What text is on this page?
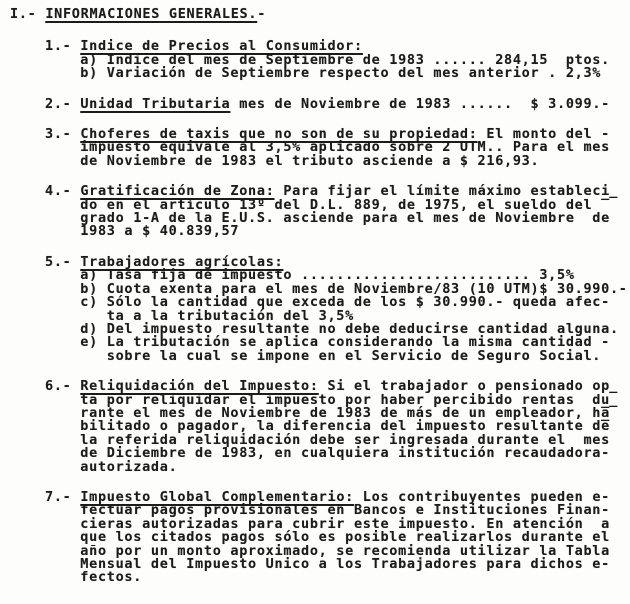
I.- INFORMACIONES GENERALES.-
1.- Indice de Precios al Consumidor:
a) Indice del mes de Septiembre de 1983 ...... 284,15  ptos.
b) Variación de Septiembre respecto del mes anterior . 2,3%
2.- Unidad Tributaria mes de Noviembre de 1983 ......  $ 3.099.-
3.- Choferes de taxis que no son de su propiedad: El monto del -
impuesto equivale al 3,5% aplicado sobre 2 UTM.. Para el mes
de Noviembre de 1983 el tributo asciende a $ 216,93.
4.- Gratificación de Zona: Para fijar el límite máximo estableci̲
do en el artículo 13º del D.L. 889, de 1975, el sueldo del ‾
grado 1-A de la E.U.S. asciende para el mes de Noviembre  de
1983 a $ 40.839,57
5.- Trabajadores agrícolas:
a) Tasa fija de impuesto .......................... 3,5%
b) Cuota exenta para el mes de Noviembre/83 (10 UTM)$ 30.990.-
c) Sólo la cantidad que exceda de los $ 30.990.- queda afec-
ta a la tributación del 3,5%
d) Del impuesto resultante no debe deducirse cantidad alguna.
e) La tributación se aplica considerando la misma cantidad -
sobre la cual se impone en el Servicio de Seguro Social.
6.- Reliquidación del Impuesto: Si el trabajador o pensionado op̲
ta por reliquidar el impuesto por haber percibido rentas  du̲
rante el mes de Noviembre de 1983 de más de un empleador, ha̅
bilitado o pagador, la diferencia del impuesto resultante de̅
la referida reliquidación debe ser ingresada durante el  mes
de Diciembre de 1983, en cualquiera institución recaudadora-
autorizada.
7.- Impuesto Global Complementario: Los contribuyentes pueden e-
fectuar pagos provisionales en Bancos e Instituciones Finan-
cieras autorizadas para cubrir este impuesto. En atención  a
que los citados pagos sólo es posible realizarlos durante el
año por un monto aproximado, se recomienda utilizar la Tabla
Mensual del Impuesto Unico a los Trabajadores para dichos e-
fectos.
